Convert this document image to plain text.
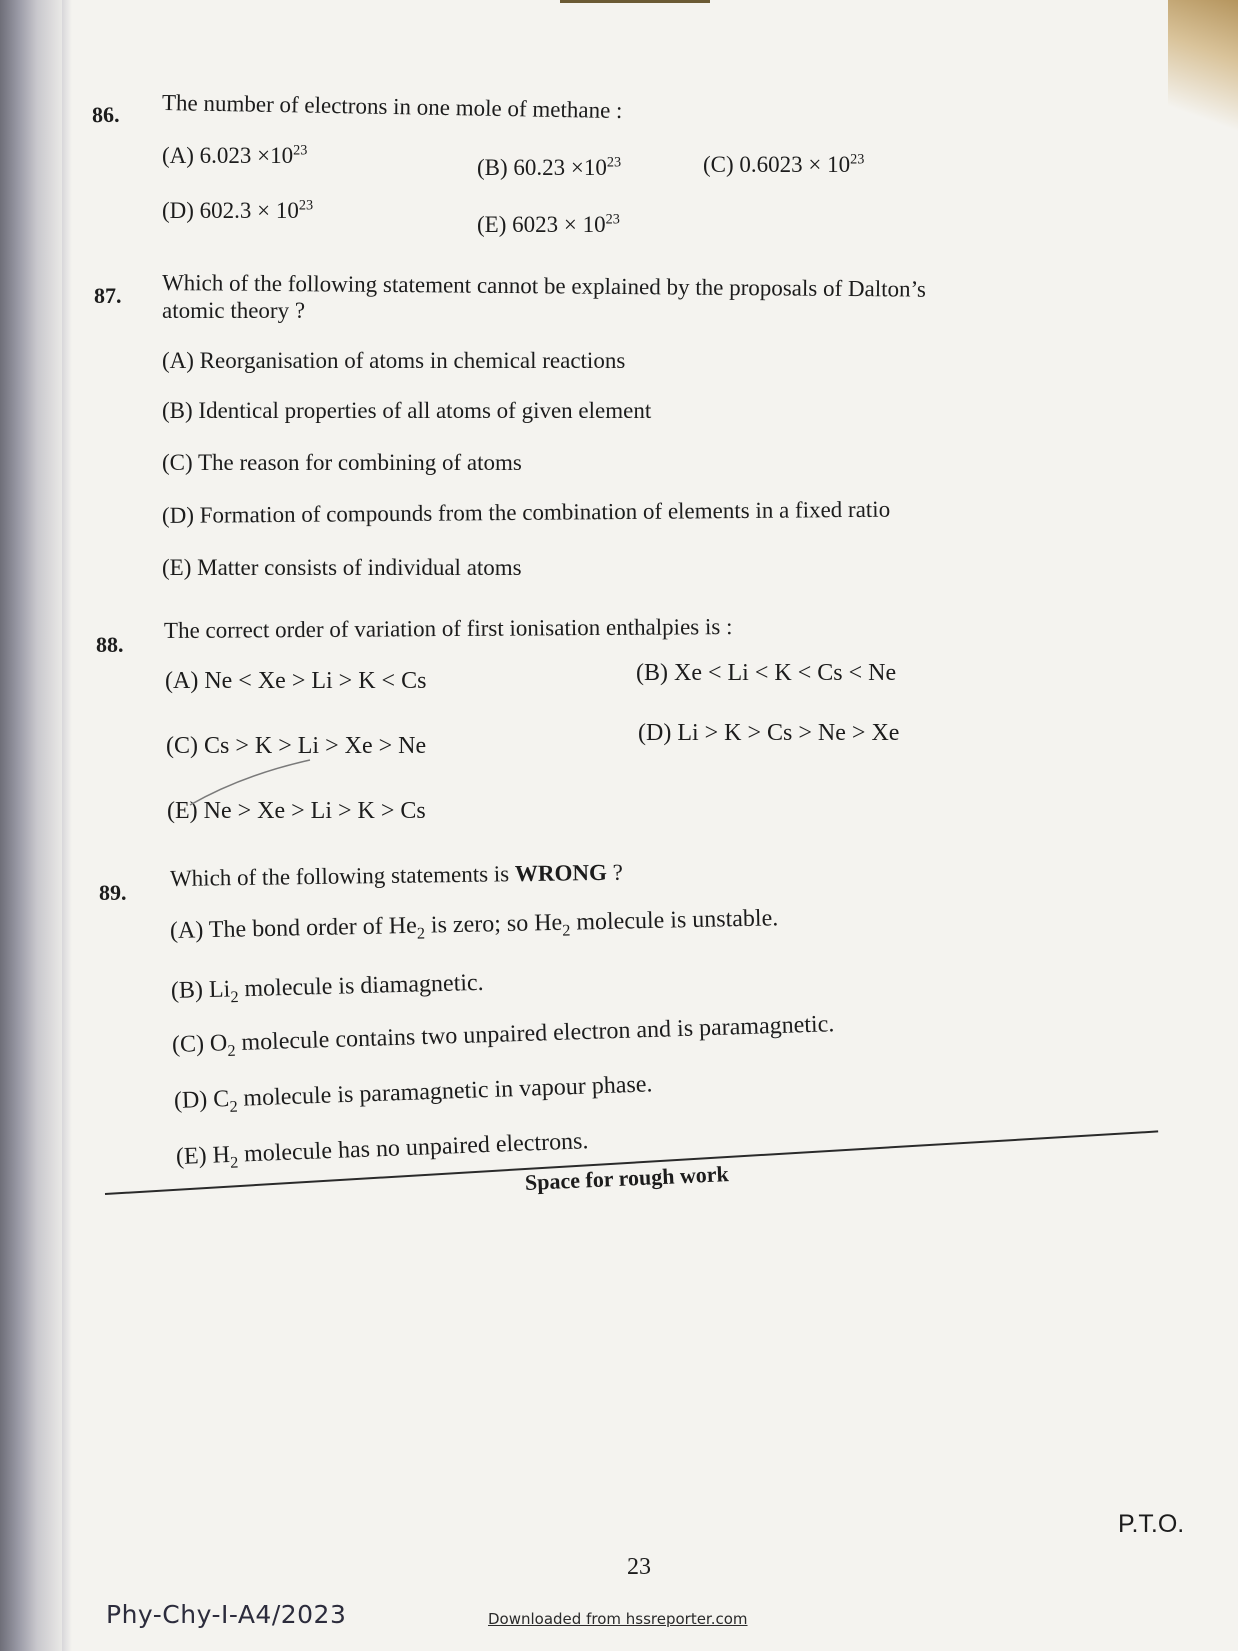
86. The number of electrons in one mole of methane :
(A) $6.023 \times 10^{23}$
(B) $60.23 \times 10^{23}$	(C) $0.6023 \times 10^{23}$
(D) $602.3 \times 10^{23}$
(E) $6023 \times 10^{23}$
87. Which of the following statement cannot be explained by the proposals of Dalton’s
atomic theory ?
(A) Reorganisation of atoms in chemical reactions
(B) Identical properties of all atoms of given element
(C) The reason for combining of atoms
(D) Formation of compounds from the combination of elements in a fixed ratio
(E) Matter consists of individual atoms
88.
The correct order of variation of first ionisation enthalpies is :
(A) Ne < Xe > Li > K < Cs	(B) Xe < Li < K < Cs < Ne
(C) Cs > K > Li > Xe > Ne	(D) Li > K > Cs > Ne > Xe
(E) Ne > Xe > Li > K > Cs
89.
Which of the following statements is WRONG ?
(A) The bond order of $He_2$ is zero; so $He_2$ molecule is unstable.
(B) $Li_2$ molecule is diamagnetic.
(C) $O_2$ molecule contains two unpaired electron and is paramagnetic.
(D) $C_2$ molecule is paramagnetic in vapour phase.
(E) $H_2$ molecule has no unpaired electrons.
Space for rough work
P.T.O.
23
Phy-Chy-I-A4/2023	Downloaded from hssreporter.com
